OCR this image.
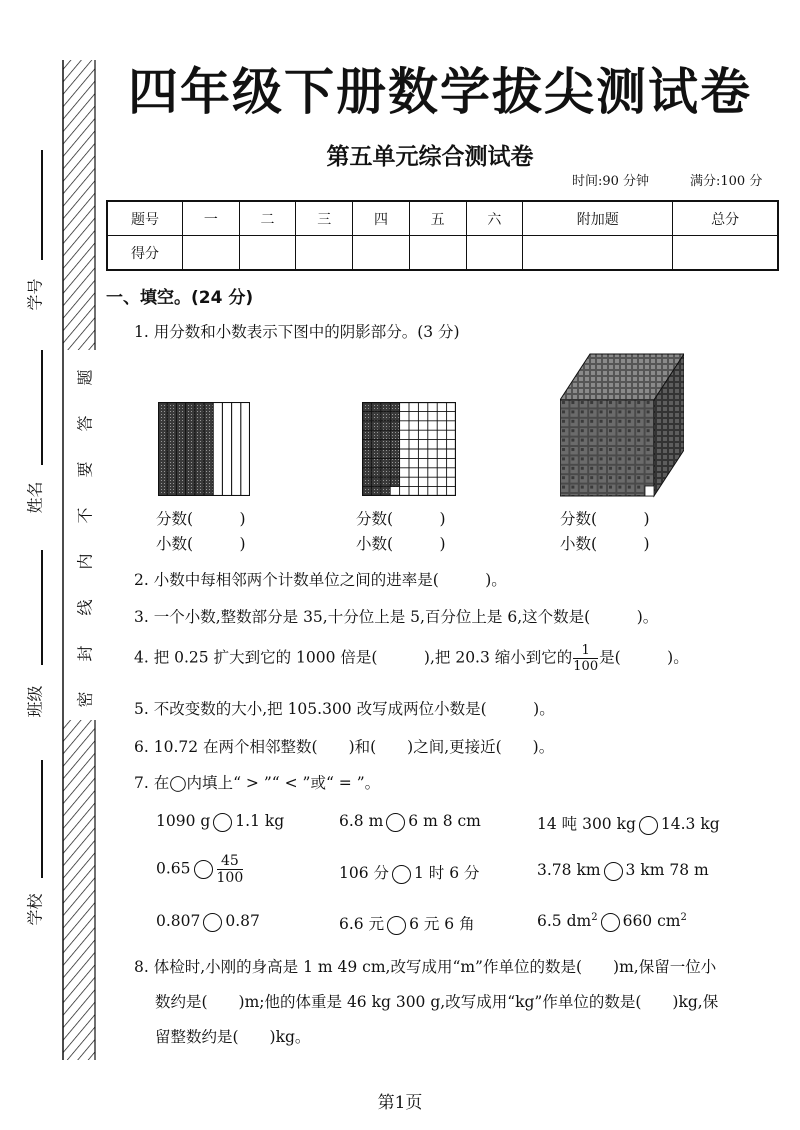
学号
姓名
班级
学校
题
答
要
不
内
线
封
密
四年级下册数学拔尖测试卷
第五单元综合测试卷
时间:90 分钟	满分:100 分
题号	一	二	三	四	五	六	附加题	总分
得分								
一、填空。(24 分)
1. 用分数和小数表示下图中的阴影部分。(3 分)
分数(　　　)
小数(　　　)
分数(　　　)
小数(　　　)
分数(　　　)
小数(　　　)
2. 小数中每相邻两个计数单位之间的进率是(　　　)。
3. 一个小数,整数部分是 35,十分位上是 5,百分位上是 6,这个数是(　　　)。
4. 把 0.25 扩大到它的 1000 倍是(　　　),把 20.3 缩小到它的 $\frac{1}{100}$ 是(　　　)。
5. 不改变数的大小,把 105.300 改写成两位小数是(　　　)。
6. 10.72 在两个相邻整数(　　)和(　　)之间,更接近(　　)。
7. 在◯内填上“ > ”“ < ”或“ = ”。
1090 g 1.1 kg	6.8 m 6 m 8 cm	14 吨 300 kg 14.3 kg
$0.65 \frac{45}{100}$	106 分 1 时 6 分	3.78 km 3 km 78 m
0.807 0.87	6.6 元 6 元 6 角	6.5 $dm^2$ 660 $cm^2$
8. 体检时,小刚的身高是 1 m 49 cm,改写成用“m”作单位的数是(　　)m,保留一位小
数约是(　　)m;他的体重是 46 kg 300 g,改写成用“kg”作单位的数是(　　)kg,保
留整数约是(　　)kg。
第1页
